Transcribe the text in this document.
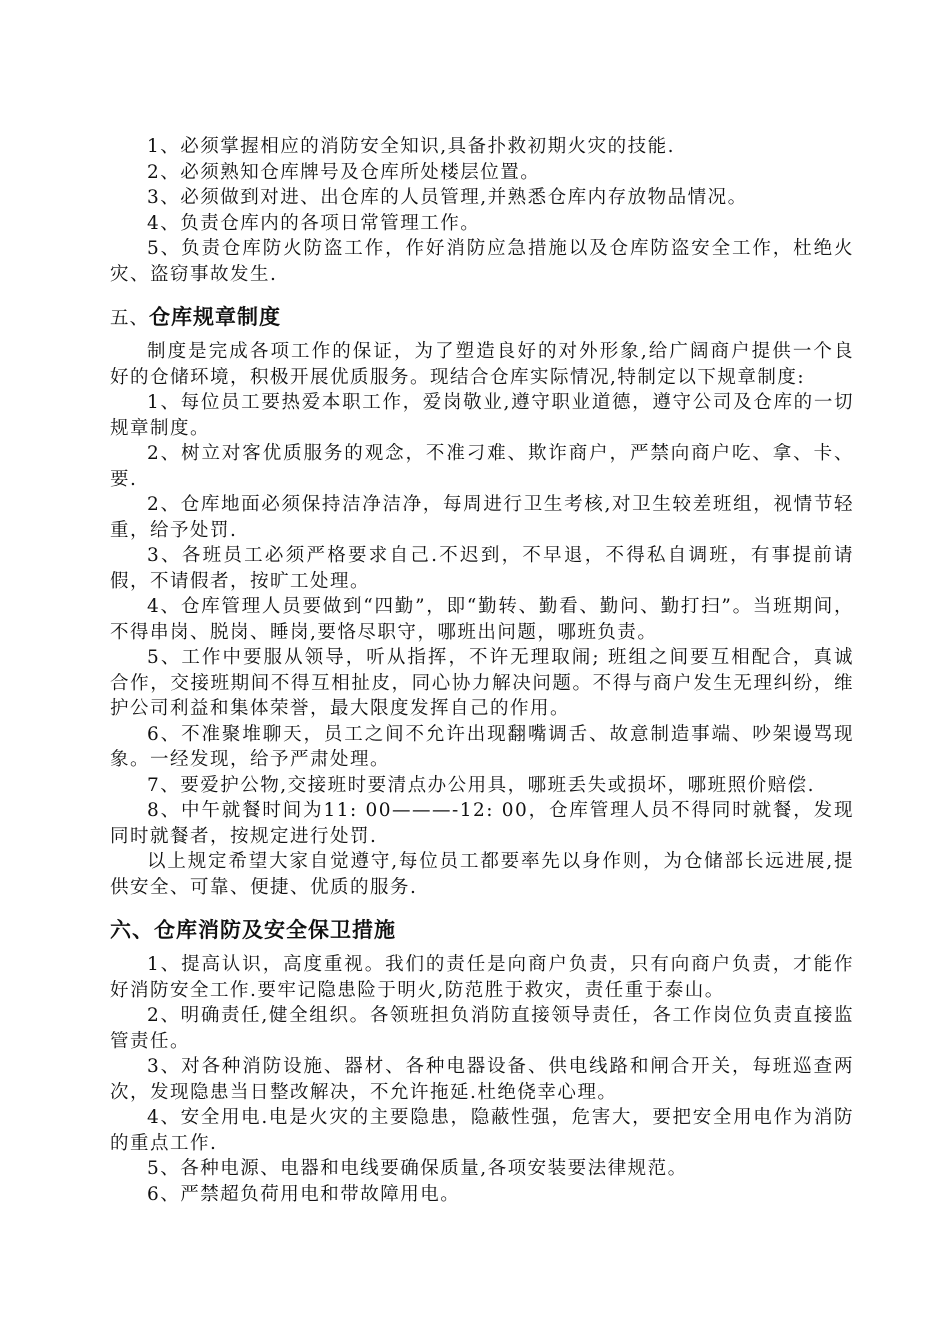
1、必须掌握相应的消防安全知识,具备扑救初期火灾的技能.

2、必须熟知仓库牌号及仓库所处楼层位置。

3、必须做到对进、出仓库的人员管理,并熟悉仓库内存放物品情况。

4、负责仓库内的各项日常管理工作。

5、负责仓库防火防盗工作，作好消防应急措施以及仓库防盗安全工作，杜绝火灾、盗窃事故发生.

五、仓库规章制度

制度是完成各项工作的保证，为了塑造良好的对外形象,给广阔商户提供一个良好的仓储环境，积极开展优质服务。现结合仓库实际情况,特制定以下规章制度:

1、每位员工要热爱本职工作，爱岗敬业,遵守职业道德，遵守公司及仓库的一切规章制度。

2、树立对客优质服务的观念，不准刁难、欺诈商户，严禁向商户吃、拿、卡、要.

2、仓库地面必须保持洁净洁净，每周进行卫生考核,对卫生较差班组，视情节轻重，给予处罚.

3、各班员工必须严格要求自己.不迟到，不早退，不得私自调班，有事提前请假，不请假者，按旷工处理。

4、仓库管理人员要做到“四勤”，即“勤转、勤看、勤问、勤打扫”。当班期间，不得串岗、脱岗、睡岗,要恪尽职守，哪班出问题，哪班负责。

5、工作中要服从领导，听从指挥，不许无理取闹; 班组之间要互相配合，真诚合作，交接班期间不得互相扯皮，同心协力解决问题。不得与商户发生无理纠纷，维护公司利益和集体荣誉，最大限度发挥自己的作用。

6、不准聚堆聊天，员工之间不允许出现翻嘴调舌、故意制造事端、吵架谩骂现象。一经发现，给予严肃处理。

7、要爱护公物,交接班时要清点办公用具，哪班丢失或损坏，哪班照价赔偿.

8、中午就餐时间为11: 00———-12: 00，仓库管理人员不得同时就餐，发现同时就餐者，按规定进行处罚.

以上规定希望大家自觉遵守,每位员工都要率先以身作则，为仓储部长远进展,提供安全、可靠、便捷、优质的服务.

六、仓库消防及安全保卫措施

1、提高认识，高度重视。我们的责任是向商户负责，只有向商户负责，才能作好消防安全工作.要牢记隐患险于明火,防范胜于救灾，责任重于泰山。

2、明确责任,健全组织。各领班担负消防直接领导责任，各工作岗位负责直接监管责任。

3、对各种消防设施、器材、各种电器设备、供电线路和闸合开关，每班巡查两次，发现隐患当日整改解决，不允许拖延.杜绝侥幸心理。

4、安全用电.电是火灾的主要隐患，隐蔽性强，危害大，要把安全用电作为消防的重点工作.

5、各种电源、电器和电线要确保质量,各项安装要法律规范。

6、严禁超负荷用电和带故障用电。
